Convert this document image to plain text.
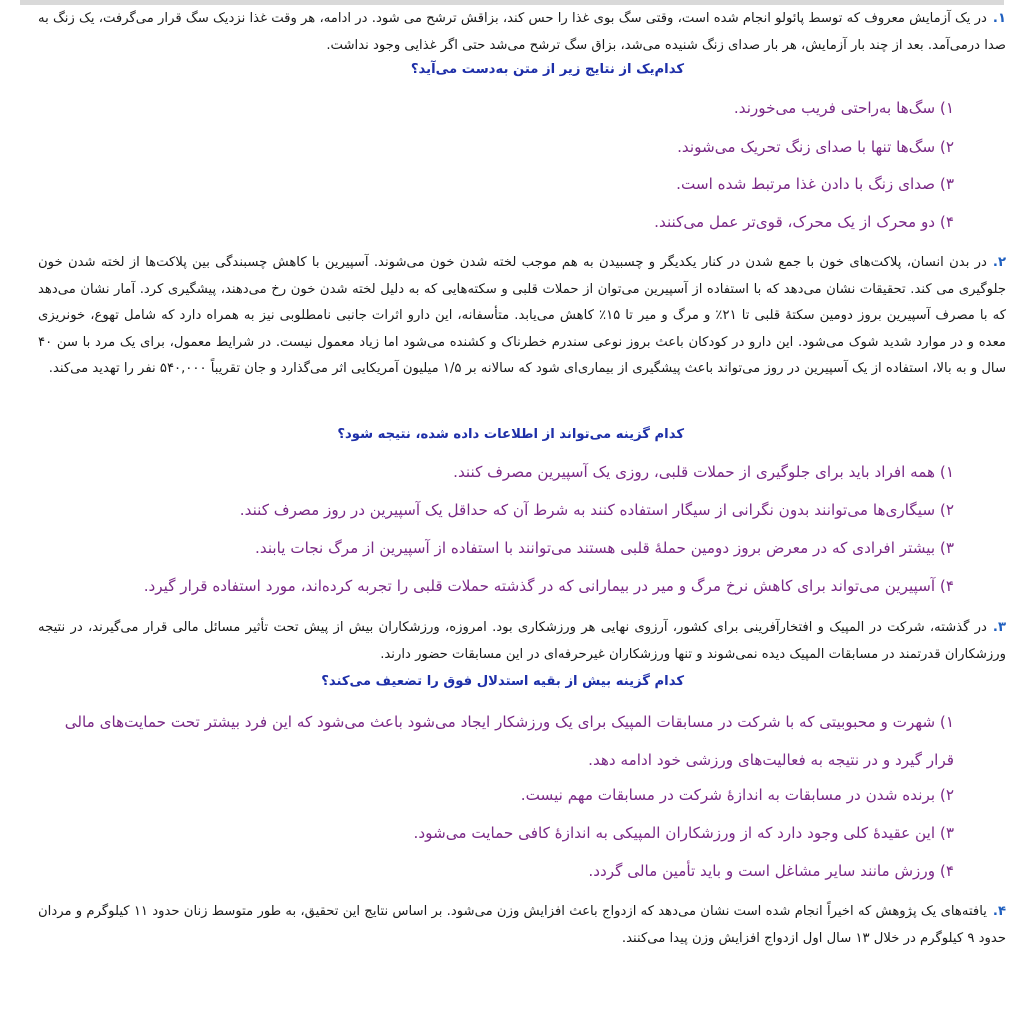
۱.در یک آزمایش معروف که توسط پائولو انجام شده است، وقتی سگ بوی غذا را حس کند، بزاقش ترشح می شود. در ادامه، هر وقت غذا نزدیک سگ قرار می‌گرفت، یک زنگ به صدا درمی‌آمد. بعد از چند بار آزمایش، هر بار صدای زنگ شنیده می‌شد، بزاق سگ ترشح می‌شد حتی اگر غذایی وجود نداشت.
کدام‌یک از نتایج زیر از متن به‌دست می‌آید؟
۱) سگ‌ها به‌راحتی فریب می‌خورند.
۲) سگ‌ها تنها با صدای زنگ تحریک می‌شوند.
۳) صدای زنگ با دادن غذا مرتبط شده است.
۴) دو محرک از یک محرک، قوی‌تر عمل می‌کنند.
۲.در بدن انسان، پلاکت‌های خون با جمع شدن در کنار یکدیگر و چسبیدن به هم موجب لخته شدن خون می‌شوند. آسپیرین با کاهش چسبندگی بین پلاکت‌ها از لخته شدن خون جلوگیری می کند. تحقیقات نشان می‌دهد که با استفاده از آسپیرین می‌توان از حملات قلبی و سکته‌هایی که به دلیل لخته شدن خون رخ می‌دهند، پیشگیری کرد. آمار نشان می‌دهد که با مصرف آسپیرین بروز دومین سکتهٔ قلبی تا ۲۱٪ و مرگ و میر تا ۱۵٪ کاهش می‌یابد. متأسفانه، این دارو اثرات جانبی نامطلوبی نیز به همراه دارد که شامل تهوع، خونریزی معده و در موارد شدید شوک می‌شود. این دارو در کودکان باعث بروز نوعی سندرم خطرناک و کشنده می‌شود اما زیاد معمول نیست. در شرایط معمول، برای یک مرد با سن ۴۰ سال و به بالا، استفاده از یک آسپیرین در روز می‌تواند باعث پیشگیری از بیماری‌ای شود که سالانه بر ۱/۵ میلیون آمریکایی اثر می‌گذارد و جان تقریباً ۵۴۰,۰۰۰ نفر را تهدید می‌کند.
کدام گزینه می‌تواند از اطلاعات داده شده، نتیجه شود؟
۱) همه افراد باید برای جلوگیری از حملات قلبی، روزی یک آسپیرین مصرف کنند.
۲) سیگاری‌ها می‌توانند بدون نگرانی از سیگار استفاده کنند به شرط آن که حداقل یک آسپیرین در روز مصرف کنند.
۳) بیشتر افرادی که در معرض بروز دومین حملهٔ قلبی هستند می‌توانند با استفاده از آسپیرین از مرگ نجات یابند.
۴) آسپیرین می‌تواند برای کاهش نرخ مرگ و میر در بیمارانی که در گذشته حملات قلبی را تجربه کرده‌اند، مورد استفاده قرار گیرد.
۳.در گذشته، شرکت در المپیک و افتخارآفرینی برای کشور، آرزوی نهایی هر ورزشکاری بود. امروزه، ورزشکاران بیش از پیش تحت تأثیر مسائل مالی قرار می‌گیرند، در نتیجه ورزشکاران قدرتمند در مسابقات المپیک دیده نمی‌شوند و تنها ورزشکاران غیرحرفه‌ای در این مسابقات حضور دارند.
کدام گزینه بیش از بقیه استدلال فوق را تضعیف می‌کند؟
۱) شهرت و محبوبیتی که با شرکت در مسابقات المپیک برای یک ورزشکار ایجاد می‌شود باعث می‌شود که این فرد بیشتر تحت حمایت‌های مالی قرار گیرد و در نتیجه به فعالیت‌های ورزشی خود ادامه دهد.
۲) برنده شدن در مسابقات به اندازهٔ شرکت در مسابقات مهم نیست.
۳) این عقیدهٔ کلی وجود دارد که از ورزشکاران المپیکی به اندازهٔ کافی حمایت می‌شود.
۴) ورزش مانند سایر مشاغل است و باید تأمین مالی گردد.
۴.یافته‌های یک پژوهش که اخیراً انجام شده است نشان می‌دهد که ازدواج باعث افزایش وزن می‌شود. بر اساس نتایج این تحقیق، به طور متوسط زنان حدود ۱۱ کیلوگرم و مردان حدود ۹ کیلوگرم در خلال ۱۳ سال اول ازدواج افزایش وزن پیدا می‌کنند.
